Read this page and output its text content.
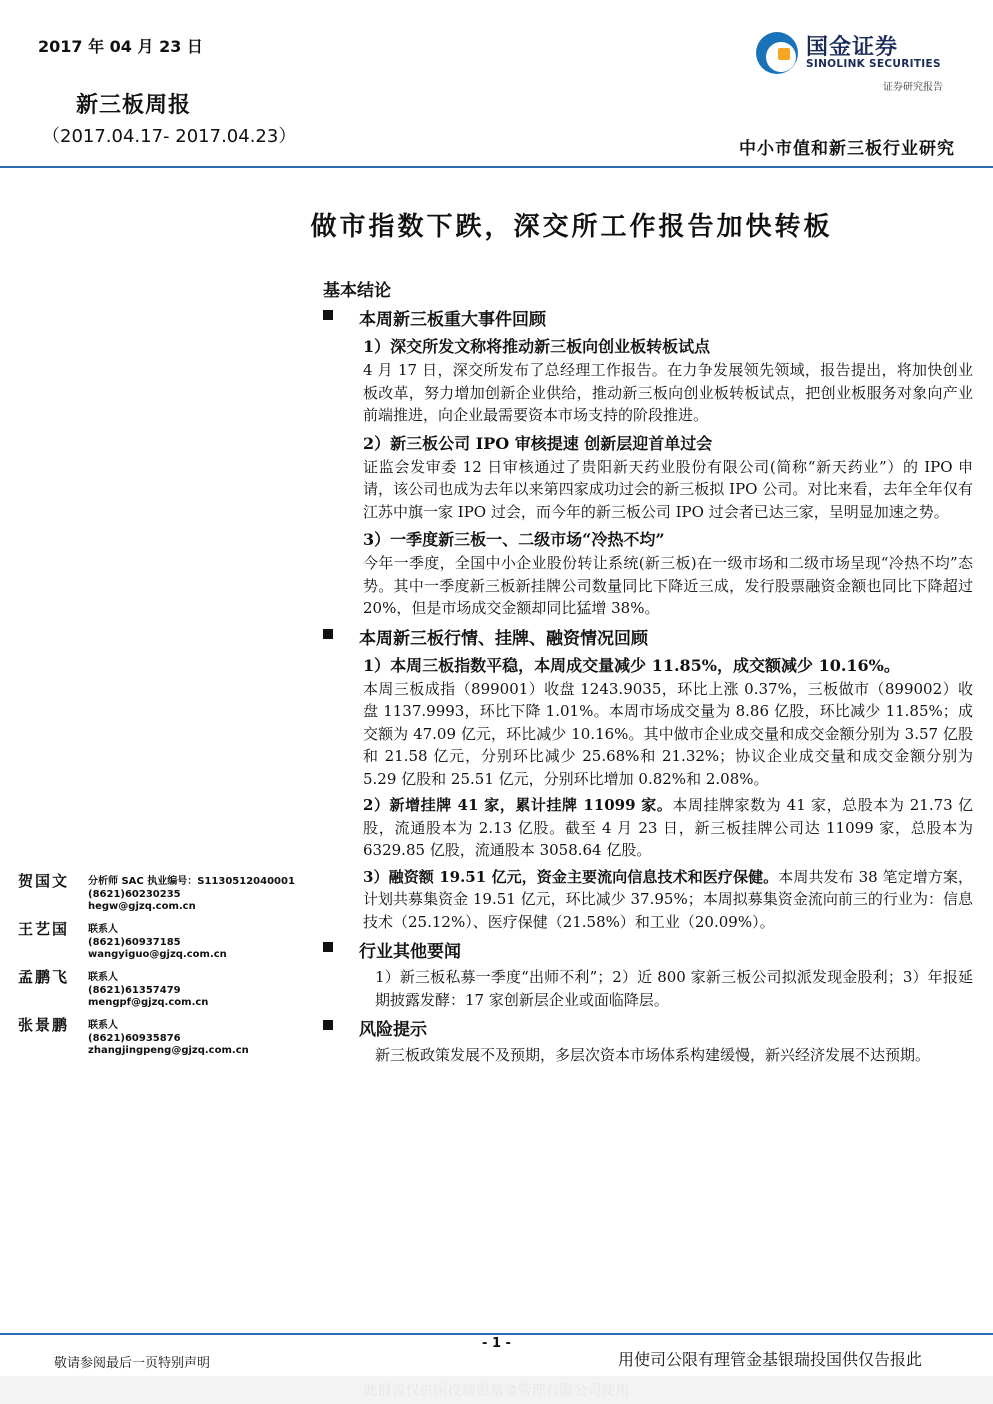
2017 年 04 月 23 日
新三板周报
（2017.04.17- 2017.04.23）
国金证券
SINOLINK SECURITIES
证券研究报告
中小市值和新三板行业研究
做市指数下跌，深交所工作报告加快转板
基本结论
本周新三板重大事件回顾
1）深交所发文称将推动新三板向创业板转板试点
4 月 17 日，深交所发布了总经理工作报告。在力争发展领先领域，报告提出，将加快创业板改革，努力增加创新企业供给，推动新三板向创业板转板试点，把创业板服务对象向产业前端推进，向企业最需要资本市场支持的阶段推进。
2）新三板公司 IPO 审核提速 创新层迎首单过会
证监会发审委 12 日审核通过了贵阳新天药业股份有限公司(简称“新天药业”）的 IPO 申请，该公司也成为去年以来第四家成功过会的新三板拟 IPO 公司。对比来看，去年全年仅有江苏中旗一家 IPO 过会，而今年的新三板公司 IPO 过会者已达三家，呈明显加速之势。
3）一季度新三板一、二级市场“冷热不均”
今年一季度，全国中小企业股份转让系统(新三板)在一级市场和二级市场呈现“冷热不均”态势。其中一季度新三板新挂牌公司数量同比下降近三成，发行股票融资金额也同比下降超过 20%，但是市场成交金额却同比猛增 38%。
本周新三板行情、挂牌、融资情况回顾
1）本周三板指数平稳，本周成交量减少 11.85%，成交额减少 10.16%。
本周三板成指（899001）收盘 1243.9035，环比上涨 0.37%，三板做市（899002）收盘 1137.9993，环比下降 1.01%。本周市场成交量为 8.86 亿股，环比减少 11.85%；成交额为 47.09 亿元，环比减少 10.16%。其中做市企业成交量和成交金额分别为 3.57 亿股和 21.58 亿元，分别环比减少 25.68%和 21.32%；协议企业成交量和成交金额分别为 5.29 亿股和 25.51 亿元，分别环比增加 0.82%和 2.08%。
2）新增挂牌 41 家，累计挂牌 11099 家。本周挂牌家数为 41 家，总股本为 21.73 亿股，流通股本为 2.13 亿股。截至 4 月 23 日，新三板挂牌公司达 11099 家，总股本为 6329.85 亿股，流通股本 3058.64 亿股。
3）融资额 19.51 亿元，资金主要流向信息技术和医疗保健。本周共发布 38 笔定增方案，计划共募集资金 19.51 亿元，环比减少 37.95%；本周拟募集资金流向前三的行业为：信息技术（25.12%）、医疗保健（21.58%）和工业（20.09%）。
行业其他要闻
1）新三板私募一季度“出师不利”；2）近 800 家新三板公司拟派发现金股利；3）年报延期披露发酵：17 家创新层企业或面临降层。
风险提示
新三板政策发展不及预期，多层次资本市场体系构建缓慢，新兴经济发展不达预期。
贺国文 分析师 SAC 执业编号：S1130512040001
(8621)60230235
hegw@gjzq.com.cn
王艺国 联系人
(8621)60937185
wangyiguo@gjzq.com.cn
孟鹏飞 联系人
(8621)61357479
mengpf@gjzq.com.cn
张景鹏 联系人
(8621)60935876
zhangjingpeng@gjzq.com.cn
- 1 -
敬请参阅最后一页特别声明	用使司公限有理管金基银瑞投国供仅告报此
此报告仅供国投瑞银基金管理有限公司使用
